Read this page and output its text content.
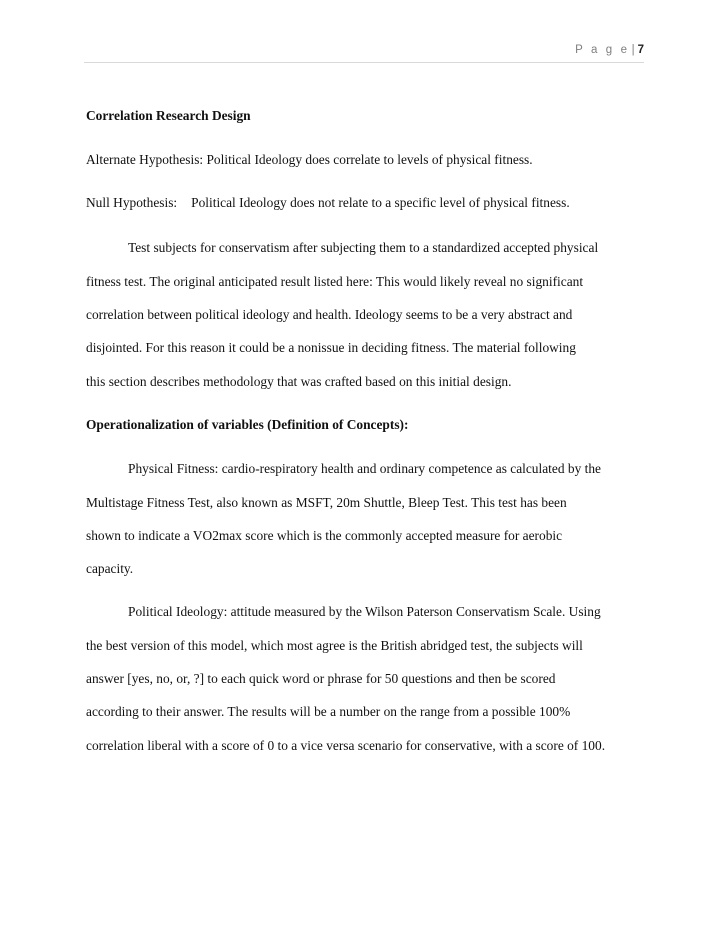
P a g e | 7
Correlation Research Design
Alternate Hypothesis: Political Ideology does correlate to levels of physical fitness.
Null Hypothesis: Political Ideology does not relate to a specific level of physical fitness.
Test subjects for conservatism after subjecting them to a standardized accepted physical
fitness test. The original anticipated result listed here: This would likely reveal no significant
correlation between political ideology and health. Ideology seems to be a very abstract and
disjointed. For this reason it could be a nonissue in deciding fitness. The material following
this section describes methodology that was crafted based on this initial design.
Operationalization of variables (Definition of Concepts):
Physical Fitness: cardio-respiratory health and ordinary competence as calculated by the
Multistage Fitness Test, also known as MSFT, 20m Shuttle, Bleep Test. This test has been
shown to indicate a VO2max score which is the commonly accepted measure for aerobic
capacity.
Political Ideology: attitude measured by the Wilson Paterson Conservatism Scale. Using
the best version of this model, which most agree is the British abridged test, the subjects will
answer [yes, no, or, ?] to each quick word or phrase for 50 questions and then be scored
according to their answer. The results will be a number on the range from a possible 100%
correlation liberal with a score of 0 to a vice versa scenario for conservative, with a score of 100.
